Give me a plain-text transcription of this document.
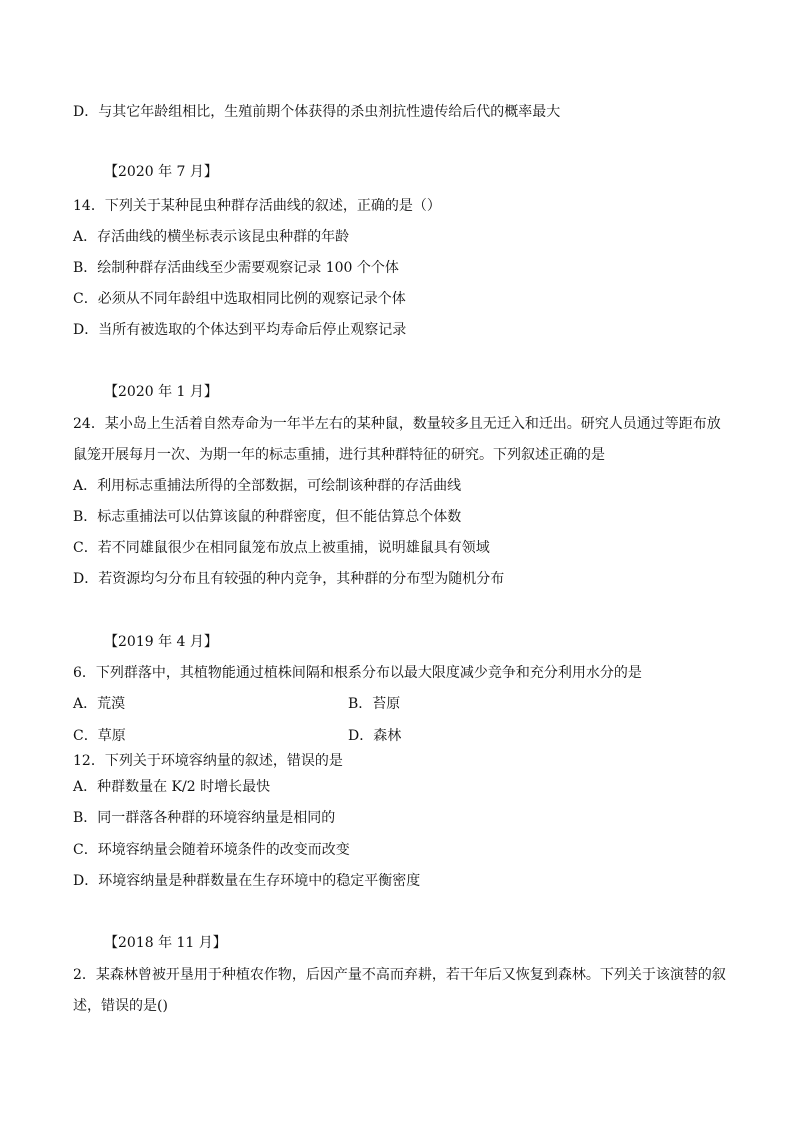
D．与其它年龄组相比，生殖前期个体获得的杀虫剂抗性遗传给后代的概率最大
【2020 年 7 月】
14．下列关于某种昆虫种群存活曲线的叙述，正确的是（）
A．存活曲线的横坐标表示该昆虫种群的年龄
B．绘制种群存活曲线至少需要观察记录 100 个个体
C．必须从不同年龄组中选取相同比例的观察记录个体
D．当所有被选取的个体达到平均寿命后停止观察记录
【2020 年 1 月】
24．某小岛上生活着自然寿命为一年半左右的某种鼠，数量较多且无迁入和迁出。研究人员通过等距布放
鼠笼开展每月一次、为期一年的标志重捕，进行其种群特征的研究。下列叙述正确的是
A．利用标志重捕法所得的全部数据，可绘制该种群的存活曲线
B．标志重捕法可以估算该鼠的种群密度，但不能估算总个体数
C．若不同雄鼠很少在相同鼠笼布放点上被重捕，说明雄鼠具有领域
D．若资源均匀分布且有较强的种内竞争，其种群的分布型为随机分布
【2019 年 4 月】
6．下列群落中，其植物能通过植株间隔和根系分布以最大限度减少竞争和充分利用水分的是
A．荒漠	B．苔原
C．草原	D．森林
12．下列关于环境容纳量的叙述，错误的是
A．种群数量在 K/2 时增长最快
B．同一群落各种群的环境容纳量是相同的
C．环境容纳量会随着环境条件的改变而改变
D．环境容纳量是种群数量在生存环境中的稳定平衡密度
【2018 年 11 月】
2．某森林曾被开垦用于种植农作物，后因产量不高而弃耕，若干年后又恢复到森林。下列关于该演替的叙
述，错误的是()
